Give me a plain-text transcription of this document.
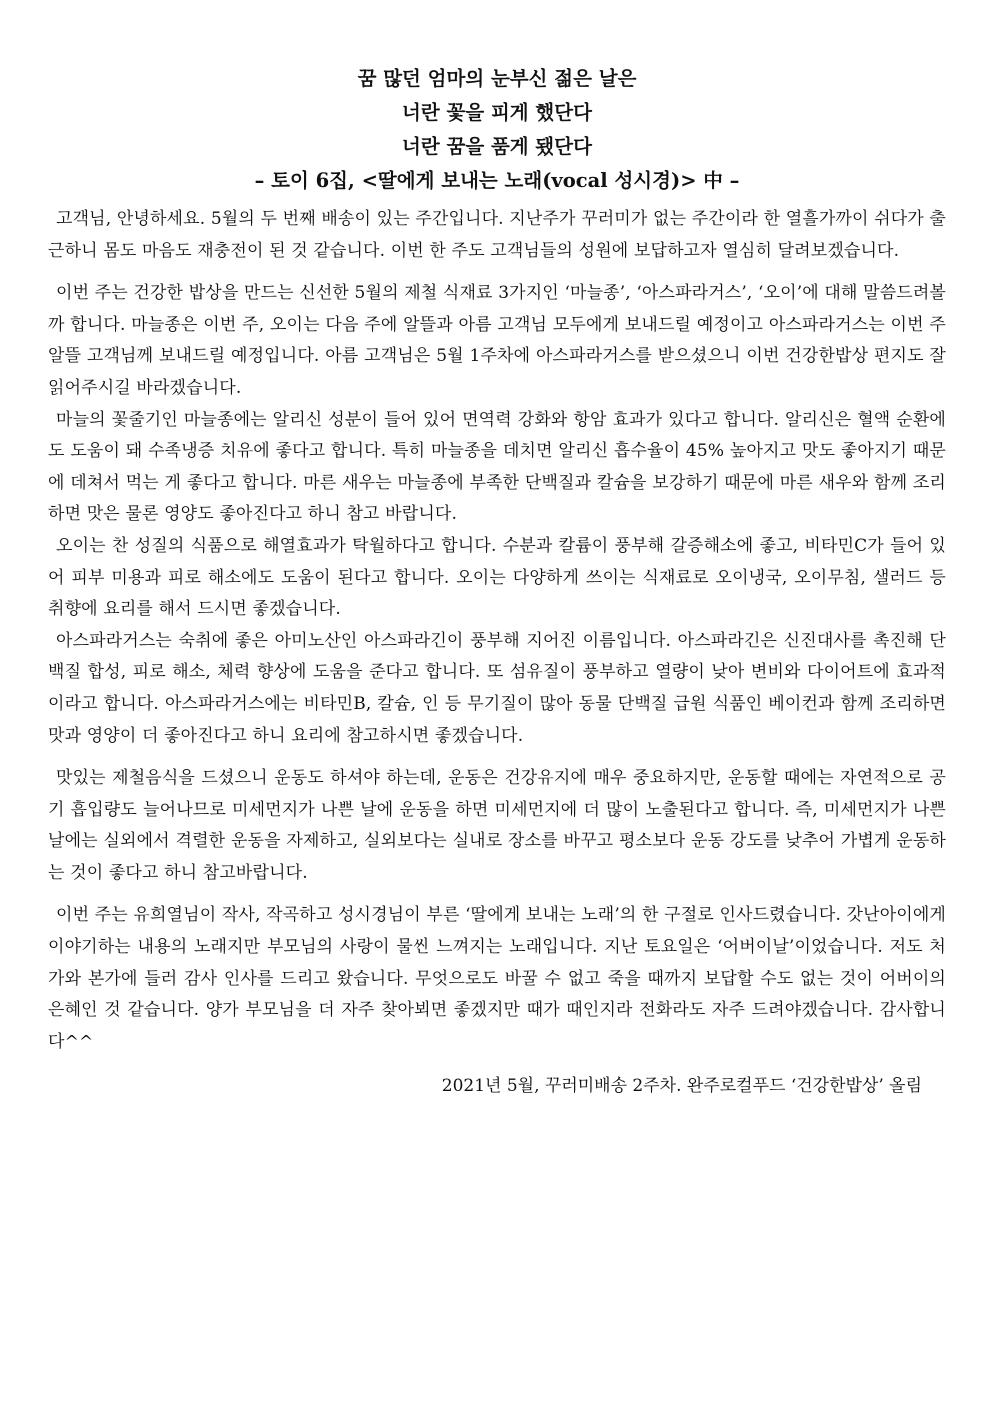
꿈 많던 엄마의 눈부신 젊은 날은

너란 꽃을 피게 했단다

너란 꿈을 품게 됐단다

– 토이 6집, <딸에게 보내는 노래(vocal 성시경)> 中 –

고객님, 안녕하세요. 5월의 두 번째 배송이 있는 주간입니다. 지난주가 꾸러미가 없는 주간이라 한 열흘가까이 쉬다가 출근하니 몸도 마음도 재충전이 된 것 같습니다. 이번 한 주도 고객님들의 성원에 보답하고자 열심히 달려보겠습니다.

이번 주는 건강한 밥상을 만드는 신선한 5월의 제철 식재료 3가지인 ‘마늘종’, ‘아스파라거스’, ‘오이’에 대해 말씀드려볼까 합니다. 마늘종은 이번 주, 오이는 다음 주에 알뜰과 아름 고객님 모두에게 보내드릴 예정이고 아스파라거스는 이번 주 알뜰 고객님께 보내드릴 예정입니다. 아름 고객님은 5월 1주차에 아스파라거스를 받으셨으니 이번 건강한밥상 편지도 잘 읽어주시길 바라겠습니다.

마늘의 꽃줄기인 마늘종에는 알리신 성분이 들어 있어 면역력 강화와 항암 효과가 있다고 합니다. 알리신은 혈액 순환에도 도움이 돼 수족냉증 치유에 좋다고 합니다. 특히 마늘종을 데치면 알리신 흡수율이 45% 높아지고 맛도 좋아지기 때문에 데쳐서 먹는 게 좋다고 합니다. 마른 새우는 마늘종에 부족한 단백질과 칼슘을 보강하기 때문에 마른 새우와 함께 조리하면 맛은 물론 영양도 좋아진다고 하니 참고 바랍니다.

오이는 찬 성질의 식품으로 해열효과가 탁월하다고 합니다. 수분과 칼륨이 풍부해 갈증해소에 좋고, 비타민C가 들어 있어 피부 미용과 피로 해소에도 도움이 된다고 합니다. 오이는 다양하게 쓰이는 식재료로 오이냉국, 오이무침, 샐러드 등 취향에 요리를 해서 드시면 좋겠습니다.

아스파라거스는 숙취에 좋은 아미노산인 아스파라긴이 풍부해 지어진 이름입니다. 아스파라긴은 신진대사를 촉진해 단백질 합성, 피로 해소, 체력 향상에 도움을 준다고 합니다. 또 섬유질이 풍부하고 열량이 낮아 변비와 다이어트에 효과적이라고 합니다. 아스파라거스에는 비타민B, 칼슘, 인 등 무기질이 많아 동물 단백질 급원 식품인 베이컨과 함께 조리하면 맛과 영양이 더 좋아진다고 하니 요리에 참고하시면 좋겠습니다.

맛있는 제철음식을 드셨으니 운동도 하셔야 하는데, 운동은 건강유지에 매우 중요하지만, 운동할 때에는 자연적으로 공기 흡입량도 늘어나므로 미세먼지가 나쁜 날에 운동을 하면 미세먼지에 더 많이 노출된다고 합니다. 즉, 미세먼지가 나쁜 날에는 실외에서 격렬한 운동을 자제하고, 실외보다는 실내로 장소를 바꾸고 평소보다 운동 강도를 낮추어 가볍게 운동하는 것이 좋다고 하니 참고바랍니다.

이번 주는 유희열님이 작사, 작곡하고 성시경님이 부른 ‘딸에게 보내는 노래’의 한 구절로 인사드렸습니다. 갓난아이에게 이야기하는 내용의 노래지만 부모님의 사랑이 물씬 느껴지는 노래입니다. 지난 토요일은 ‘어버이날’이었습니다. 저도 처가와 본가에 들러 감사 인사를 드리고 왔습니다. 무엇으로도 바꿀 수 없고 죽을 때까지 보답할 수도 없는 것이 어버이의 은혜인 것 같습니다. 양가 부모님을 더 자주 찾아뵈면 좋겠지만 때가 때인지라 전화라도 자주 드려야겠습니다. 감사합니다^^

2021년 5월, 꾸러미배송 2주차. 완주로컬푸드 ‘건강한밥상’ 올림
